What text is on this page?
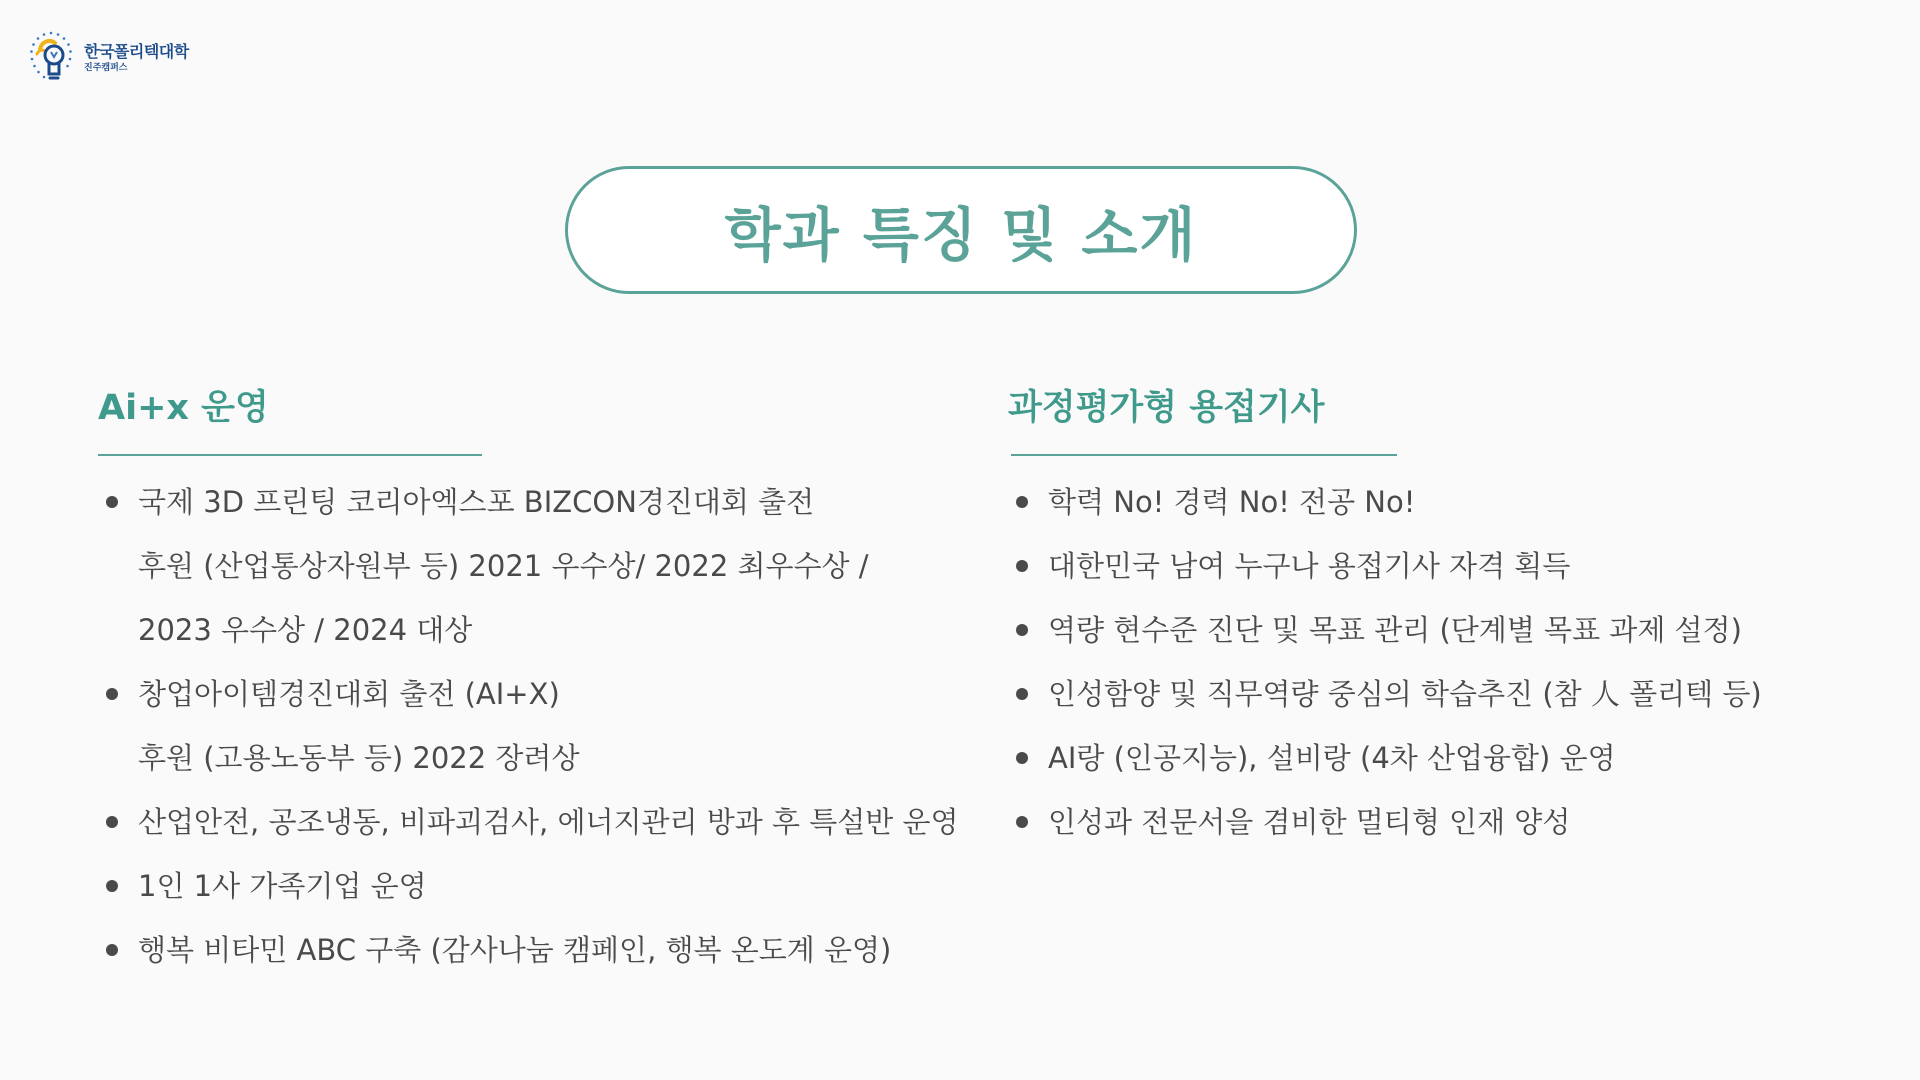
한국폴리텍대학
진주캠퍼스
학과 특징 및 소개
Ai+x 운영
국제 3D 프린팅 코리아엑스포 BIZCON경진대회 출전
후원 (산업통상자원부 등) 2021 우수상/ 2022 최우수상 /
2023 우수상 / 2024 대상
창업아이템경진대회 출전 (AI+X)
후원 (고용노동부 등) 2022 장려상
산업안전, 공조냉동, 비파괴검사, 에너지관리 방과 후 특설반 운영
1인 1사 가족기업 운영
행복 비타민 ABC 구축 (감사나눔 캠페인, 행복 온도계 운영)
과정평가형 용접기사
학력 No! 경력 No! 전공 No!
대한민국 남여 누구나 용접기사 자격 획득
역량 현수준 진단 및 목표 관리 (단계별 목표 과제 설정)
인성함양 및 직무역량 중심의 학습추진 (참 人 폴리텍 등)
AI랑 (인공지능), 설비랑 (4차 산업융합) 운영
인성과 전문서을 겸비한 멀티형 인재 양성
